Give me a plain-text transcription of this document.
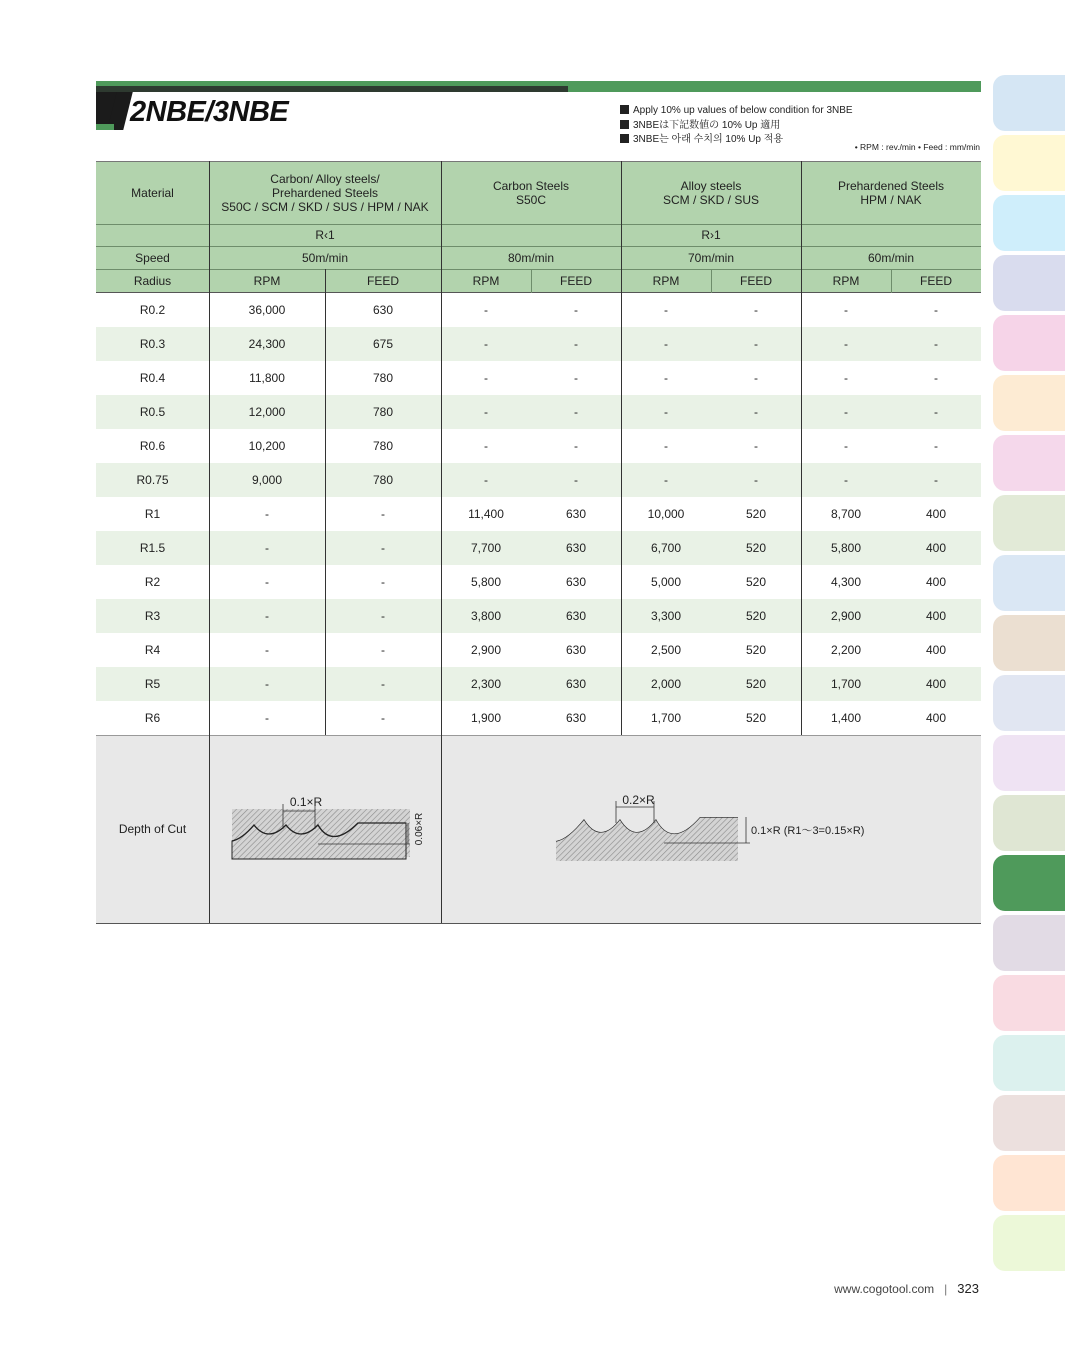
2NBE/3NBE	Apply 10% up values of below condition for 3NBE
3NBEは下記数値の 10% Up 適用
3NBE는 아래 수치의 10% Up 적용
• RPM : rev./min • Feed : mm/min
Material
Carbon/ Alloy steels/
Prehardened Steels
S50C / SCM / SKD / SUS / HPM / NAK
Carbon Steels
S50C
Alloy steels
SCM / SKD / SUS
Prehardened Steels
HPM / NAK
R‹1	R›1
Speed	50m/min	80m/min	70m/min	60m/min
Radius	RPM	FEED	RPM	FEED	RPM	FEED	RPM	FEED
R0.2	36,000	630	-	-	-	-	-	-
R0.3	24,300	675	-	-	-	-	-	-
R0.4	11,800	780	-	-	-	-	-	-
R0.5	12,000	780	-	-	-	-	-	-
R0.6	10,200	780	-	-	-	-	-	-
R0.75	9,000	780	-	-	-	-	-	-
R1	-	-	11,400	630	10,000	520	8,700	400
R1.5	-	-	7,700	630	6,700	520	5,800	400
R2	-	-	5,800	630	5,000	520	4,300	400
R3	-	-	3,800	630	3,300	520	2,900	400
R4	-	-	2,900	630	2,500	520	2,200	400
R5	-	-	2,300	630	2,000	520	1,700	400
R6	-	-	1,900	630	1,700	520	1,400	400
Depth of Cut
0.1×R
0.06×R
0.2×R
0.1×R (R1～3=0.15×R)
www.cogotool.com | 323
